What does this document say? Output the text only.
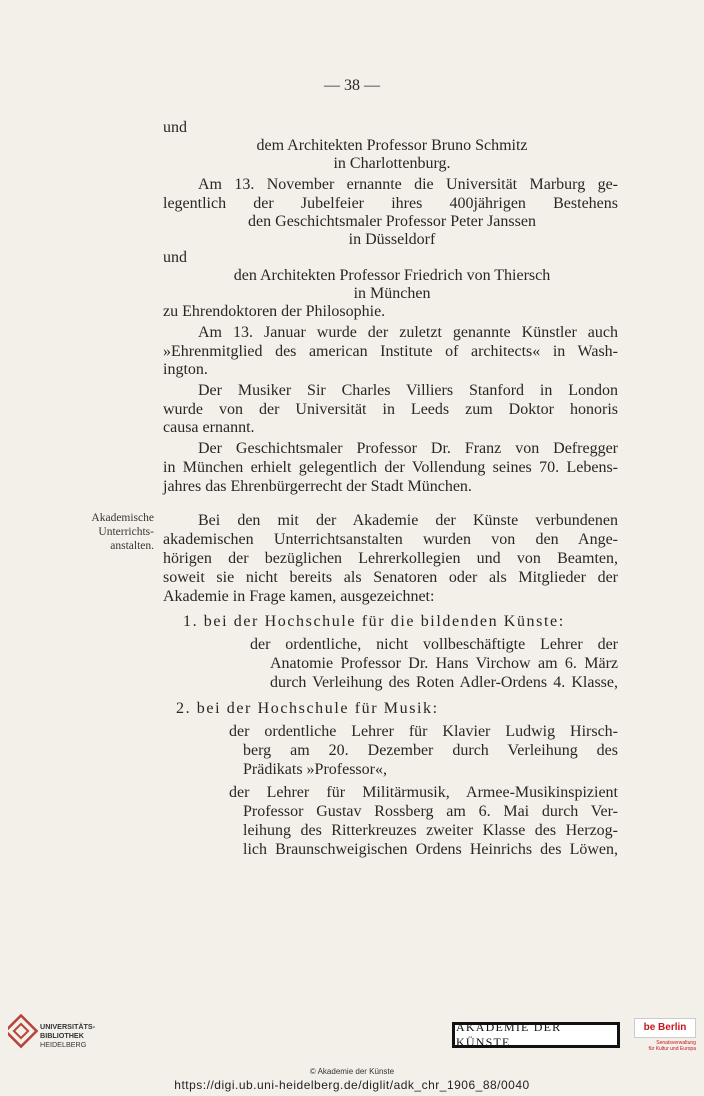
— 38 —
und
dem Architekten Professor Bruno Schmitz
in Charlottenburg.
Am 13. November ernannte die Universität Marburg ge-
legentlich der Jubelfeier ihres 400jährigen Bestehens
den Geschichtsmaler Professor Peter Janssen
in Düsseldorf
und
den Architekten Professor Friedrich von Thiersch
in München
zu Ehrendoktoren der Philosophie.
Am 13. Januar wurde der zuletzt genannte Künstler auch
»Ehrenmitglied des american Institute of architects« in Wash-
ington.
Der Musiker Sir Charles Villiers Stanford in London
wurde von der Universität in Leeds zum Doktor honoris
causa ernannt.
Der Geschichtsmaler Professor Dr. Franz von Defregger
in München erhielt gelegentlich der Vollendung seines 70. Lebens-
jahres das Ehrenbürgerrecht der Stadt München.
Akademische
Unterrichts-
anstalten.
Bei den mit der Akademie der Künste verbundenen
akademischen Unterrichtsanstalten wurden von den Ange-
hörigen der bezüglichen Lehrerkollegien und von Beamten,
soweit sie nicht bereits als Senatoren oder als Mitglieder der
Akademie in Frage kamen, ausgezeichnet:
1. bei der Hochschule für die bildenden Künste:
der ordentliche, nicht vollbeschäftigte Lehrer der
Anatomie Professor Dr. Hans Virchow am 6. März
durch Verleihung des Roten Adler-Ordens 4. Klasse,
2. bei der Hochschule für Musik:
der ordentliche Lehrer für Klavier Ludwig Hirsch-
berg am 20. Dezember durch Verleihung des
Prädikats »Professor«,
der Lehrer für Militärmusik, Armee-Musikinspizient
Professor Gustav Rossberg am 6. Mai durch Ver-
leihung des Ritterkreuzes zweiter Klasse des Herzog-
lich Braunschweigischen Ordens Heinrichs des Löwen,
UNIVERSITÄTS-
BIBLIOTHEK
HEIDELBERG
AKADEMIE DER KÜNSTE
be Berlin
Senatsverwaltung
für Kultur und Europa
© Akademie der Künste
https://digi.ub.uni-heidelberg.de/diglit/adk_chr_1906_88/0040
